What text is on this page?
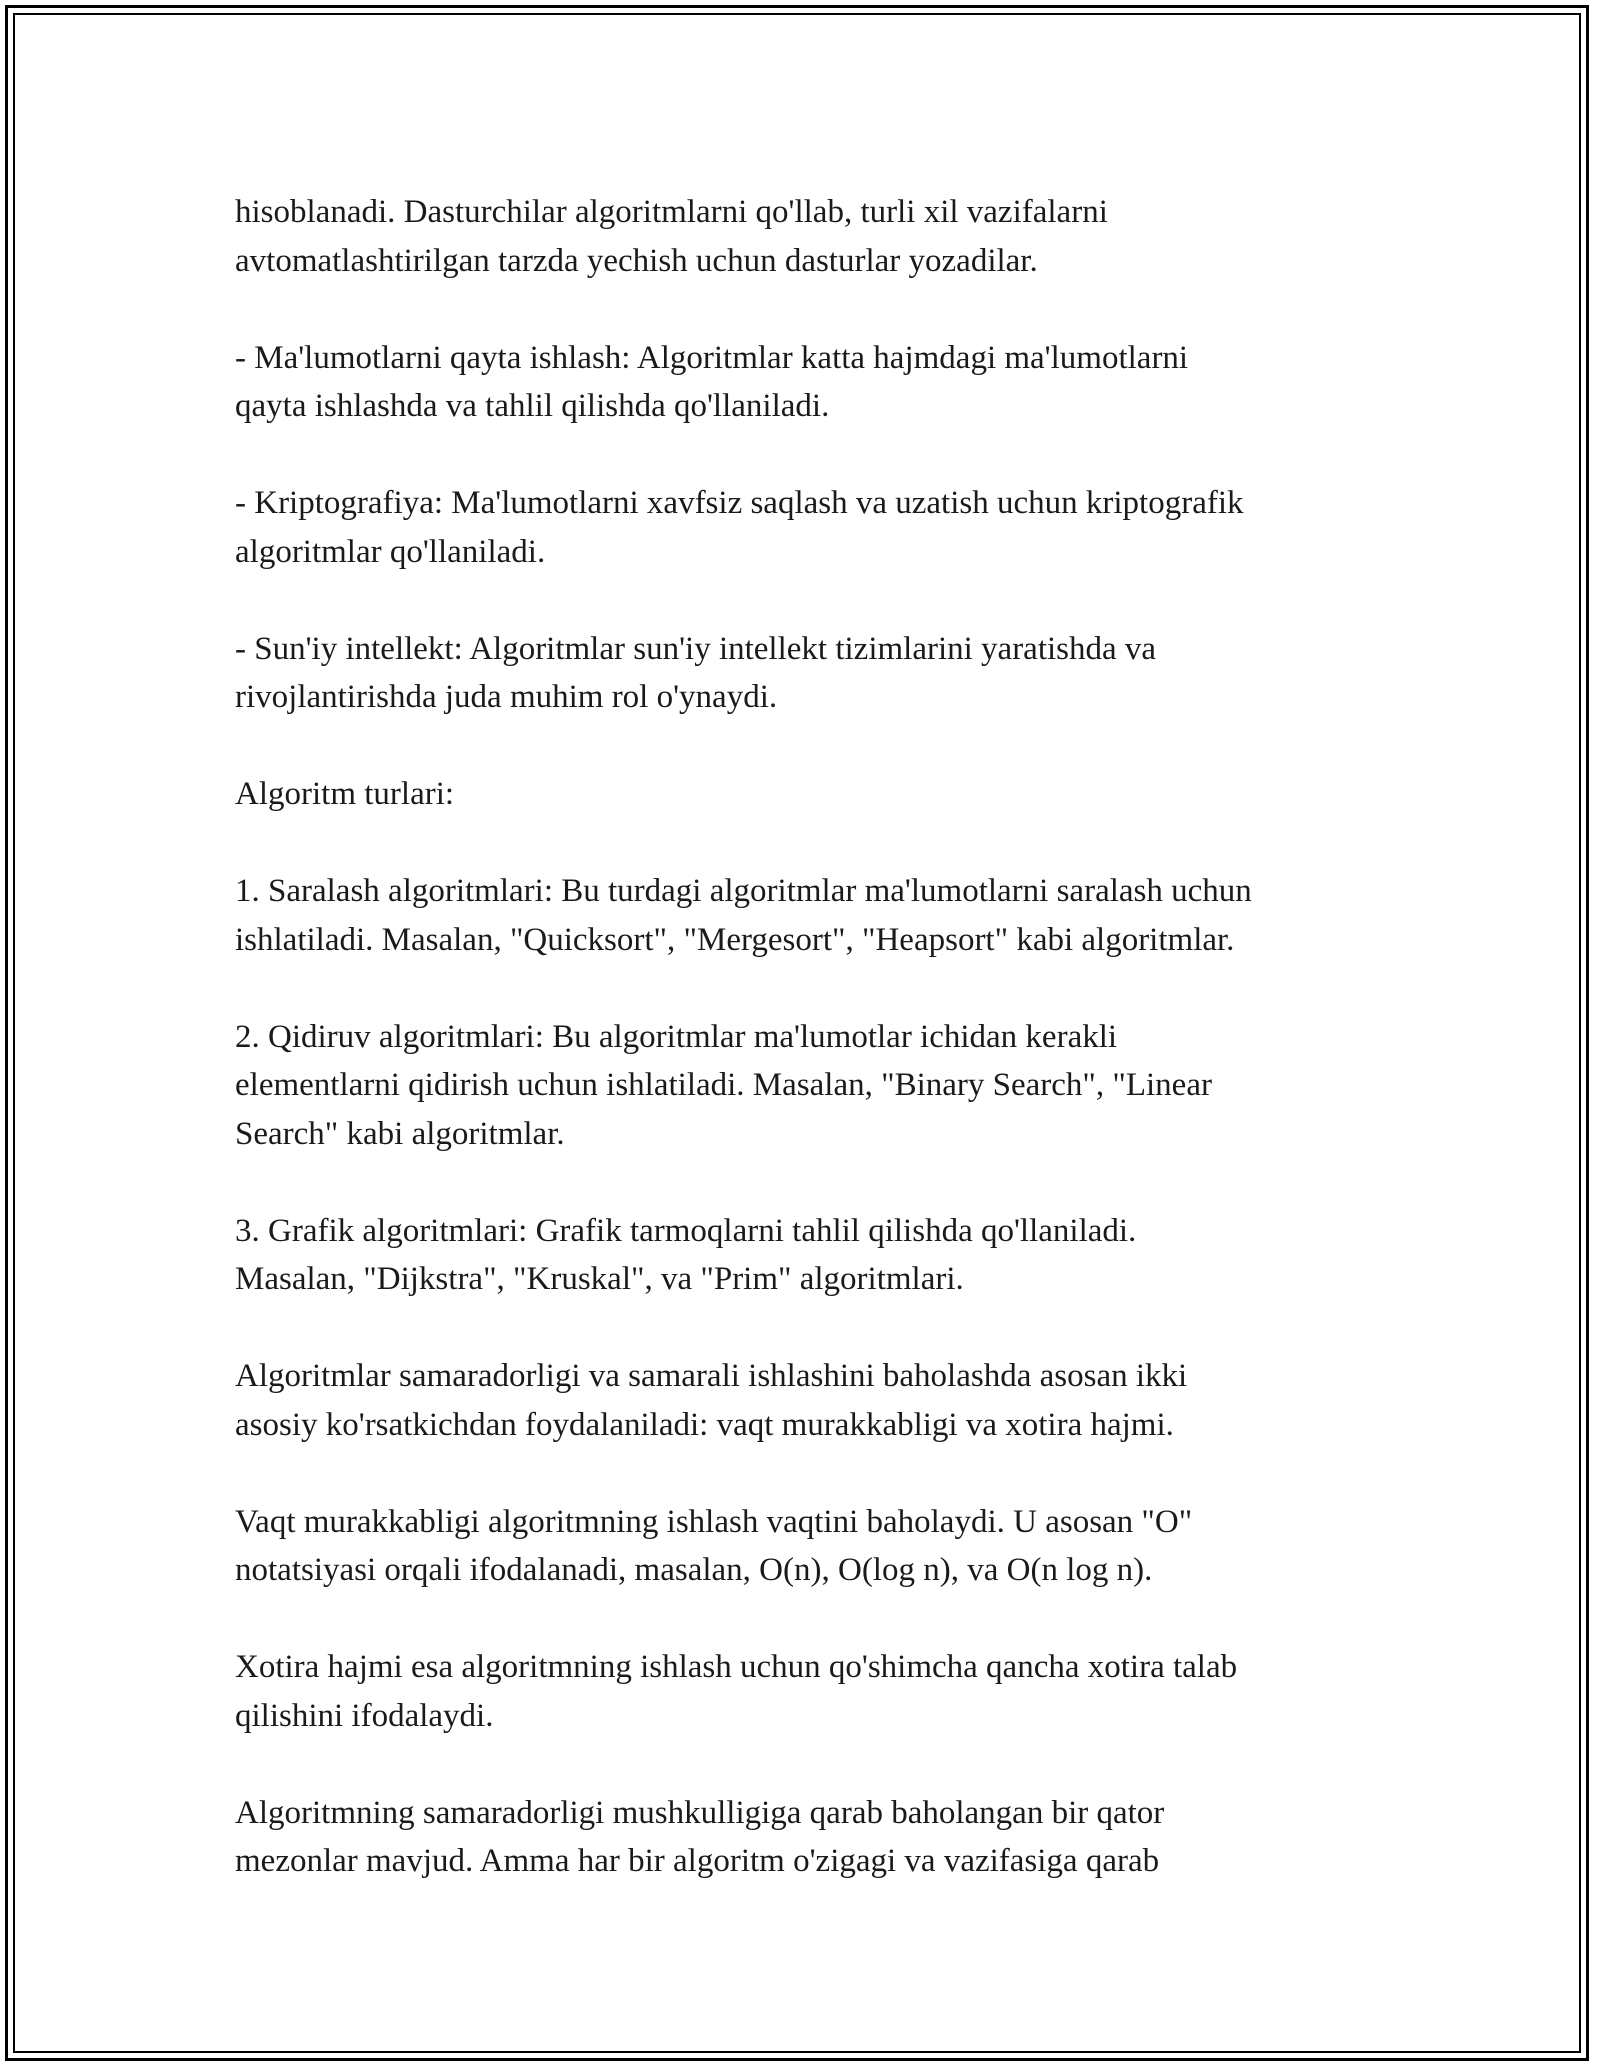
hisoblanadi. Dasturchilar algoritmlarni qo'llab, turli xil vazifalarni
avtomatlashtirilgan tarzda yechish uchun dasturlar yozadilar.

- Ma'lumotlarni qayta ishlash: Algoritmlar katta hajmdagi ma'lumotlarni
qayta ishlashda va tahlil qilishda qo'llaniladi.

- Kriptografiya: Ma'lumotlarni xavfsiz saqlash va uzatish uchun kriptografik
algoritmlar qo'llaniladi.

- Sun'iy intellekt: Algoritmlar sun'iy intellekt tizimlarini yaratishda va
rivojlantirishda juda muhim rol o'ynaydi.

Algoritm turlari:

1. Saralash algoritmlari: Bu turdagi algoritmlar ma'lumotlarni saralash uchun
ishlatiladi. Masalan, "Quicksort", "Mergesort", "Heapsort" kabi algoritmlar.

2. Qidiruv algoritmlari: Bu algoritmlar ma'lumotlar ichidan kerakli
elementlarni qidirish uchun ishlatiladi. Masalan, "Binary Search", "Linear
Search" kabi algoritmlar.

3. Grafik algoritmlari: Grafik tarmoqlarni tahlil qilishda qo'llaniladi.
Masalan, "Dijkstra", "Kruskal", va "Prim" algoritmlari.

Algoritmlar samaradorligi va samarali ishlashini baholashda asosan ikki
asosiy ko'rsatkichdan foydalaniladi: vaqt murakkabligi va xotira hajmi.

Vaqt murakkabligi algoritmning ishlash vaqtini baholaydi. U asosan "O"
notatsiyasi orqali ifodalanadi, masalan, O(n), O(log n), va O(n log n).

Xotira hajmi esa algoritmning ishlash uchun qo'shimcha qancha xotira talab
qilishini ifodalaydi.

Algoritmning samaradorligi mushkulligiga qarab baholangan bir qator
mezonlar mavjud. Amma har bir algoritm o'zigagi va vazifasiga qarab
